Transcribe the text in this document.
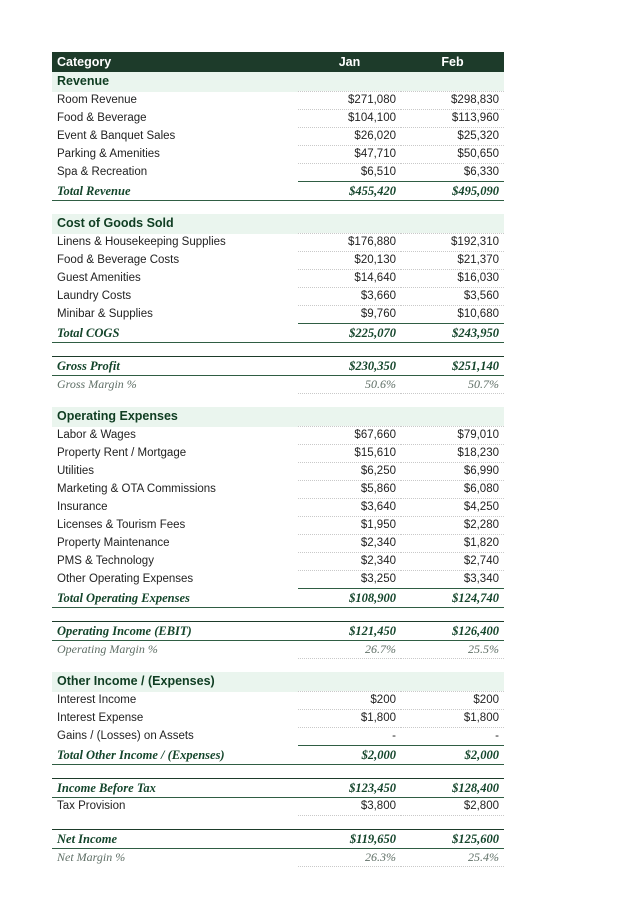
Category	Jan	Feb
Revenue		
Room Revenue	$271,080	$298,830
Food & Beverage	$104,100	$113,960
Event & Banquet Sales	$26,020	$25,320
Parking & Amenities	$47,710	$50,650
Spa & Recreation	$6,510	$6,330
Total Revenue	$455,420	$495,090

Cost of Goods Sold		
Linens & Housekeeping Supplies	$176,880	$192,310
Food & Beverage Costs	$20,130	$21,370
Guest Amenities	$14,640	$16,030
Laundry Costs	$3,660	$3,560
Minibar & Supplies	$9,760	$10,680
Total COGS	$225,070	$243,950

Gross Profit	$230,350	$251,140
Gross Margin %	50.6%	50.7%

Operating Expenses		
Labor & Wages	$67,660	$79,010
Property Rent / Mortgage	$15,610	$18,230
Utilities	$6,250	$6,990
Marketing & OTA Commissions	$5,860	$6,080
Insurance	$3,640	$4,250
Licenses & Tourism Fees	$1,950	$2,280
Property Maintenance	$2,340	$1,820
PMS & Technology	$2,340	$2,740
Other Operating Expenses	$3,250	$3,340
Total Operating Expenses	$108,900	$124,740

Operating Income (EBIT)	$121,450	$126,400
Operating Margin %	26.7%	25.5%

Other Income / (Expenses)		
Interest Income	$200	$200
Interest Expense	$1,800	$1,800
Gains / (Losses) on Assets	-	-
Total Other Income / (Expenses)	$2,000	$2,000

Income Before Tax	$123,450	$128,400
Tax Provision	$3,800	$2,800

Net Income	$119,650	$125,600
Net Margin %	26.3%	25.4%
